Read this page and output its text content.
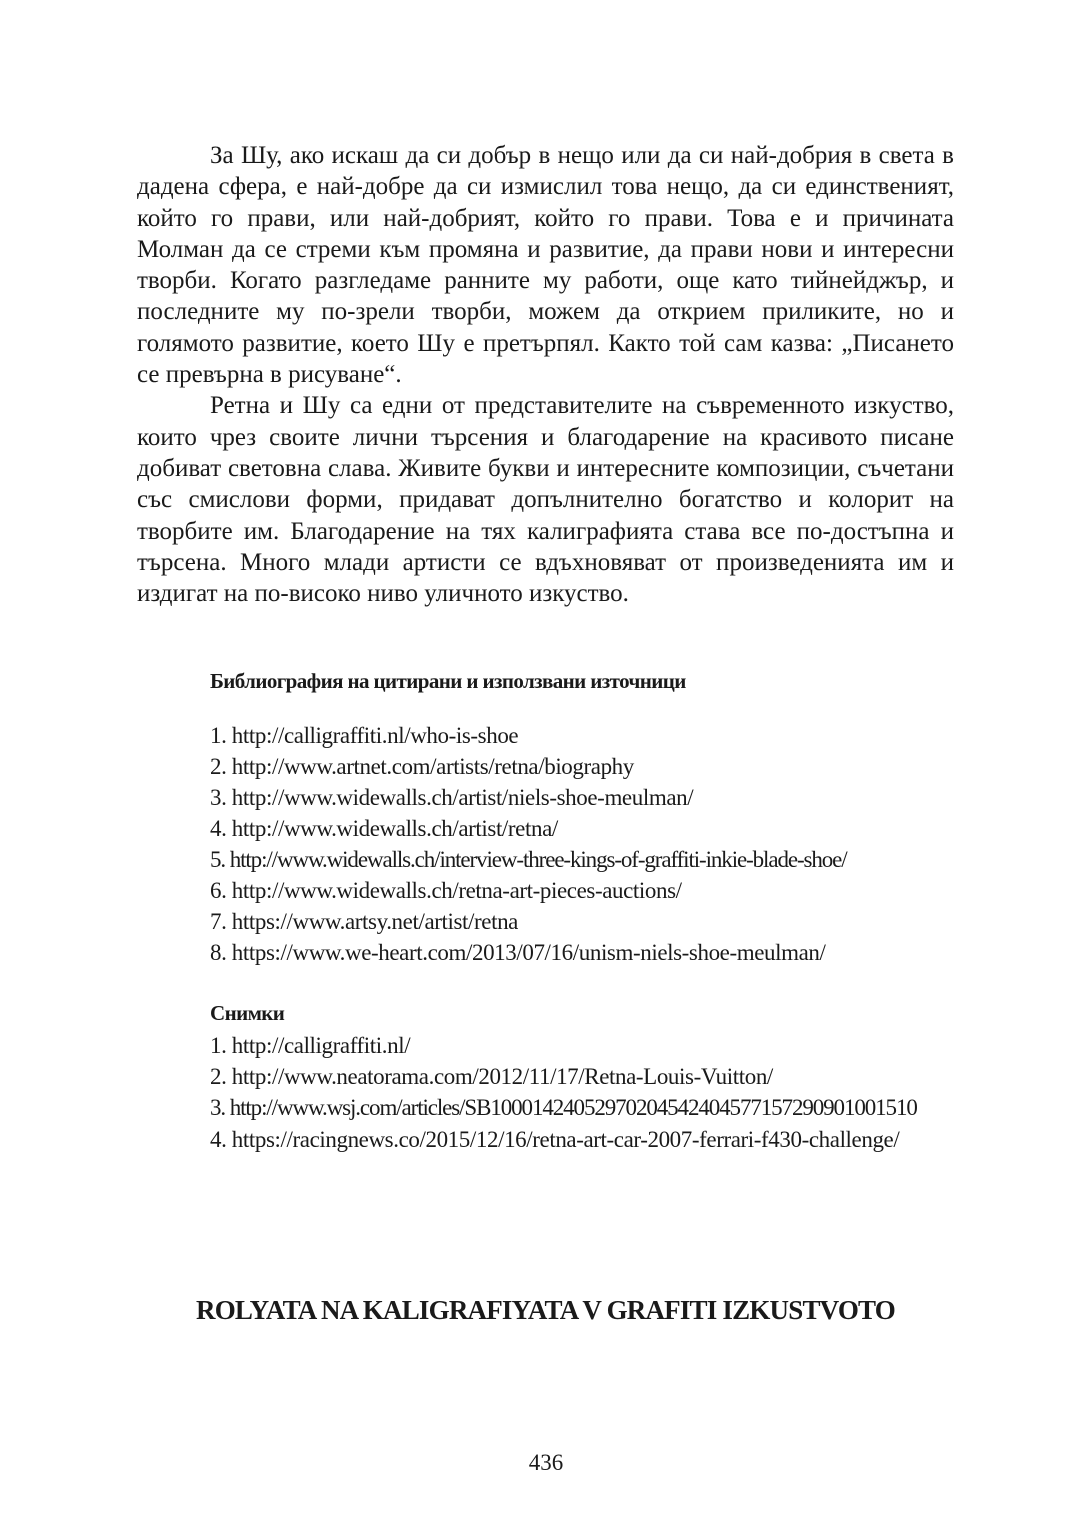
За Шу, ако искаш да си добър в нещо или да си най-добрия в света в дадена сфера, е най-добре да си измислил това нещо, да си единственият, който го прави, или най-добрият, който го прави. Това е и причината Молман да се стреми към промяна и развитие, да прави нови и интересни творби. Когато разгледаме ранните му работи, още като тийнейджър, и последните му по-зрели творби, можем да открием приликите, но и голямото развитие, което Шу е претърпял. Както той сам казва: „Писането се превърна в рисуване“.

Ретна и Шу са едни от представителите на съвременното изкуство, които чрез своите лични търсения и благодарение на красивото писане добиват световна слава. Живите букви и интересните композиции, съчетани със смислови форми, придават допълнително богатство и колорит на творбите им. Благодарение на тях калиграфията става все по-достъпна и търсена. Много млади артисти се вдъхновяват от произведенията им и издигат на по-високо ниво уличното изкуство.

Библиография на цитирани и използвани източници
1. http://calligraffiti.nl/who-is-shoe
2. http://www.artnet.com/artists/retna/biography
3. http://www.widewalls.ch/artist/niels-shoe-meulman/
4. http://www.widewalls.ch/artist/retna/
5. http://www.widewalls.ch/interview-three-kings-of-graffiti-inkie-blade-shoe/
6. http://www.widewalls.ch/retna-art-pieces-auctions/
7. https://www.artsy.net/artist/retna
8. https://www.we-heart.com/2013/07/16/unism-niels-shoe-meulman/
Снимки
1. http://calligraffiti.nl/
2. http://www.neatorama.com/2012/11/17/Retna-Louis-Vuitton/
3. http://www.wsj.com/articles/SB10001424052970204542404577157290901001510
4. https://racingnews.co/2015/12/16/retna-art-car-2007-ferrari-f430-challenge/
ROLYATA NA KALIGRAFIYATA V GRAFITI IZKUSTVOTO
436
